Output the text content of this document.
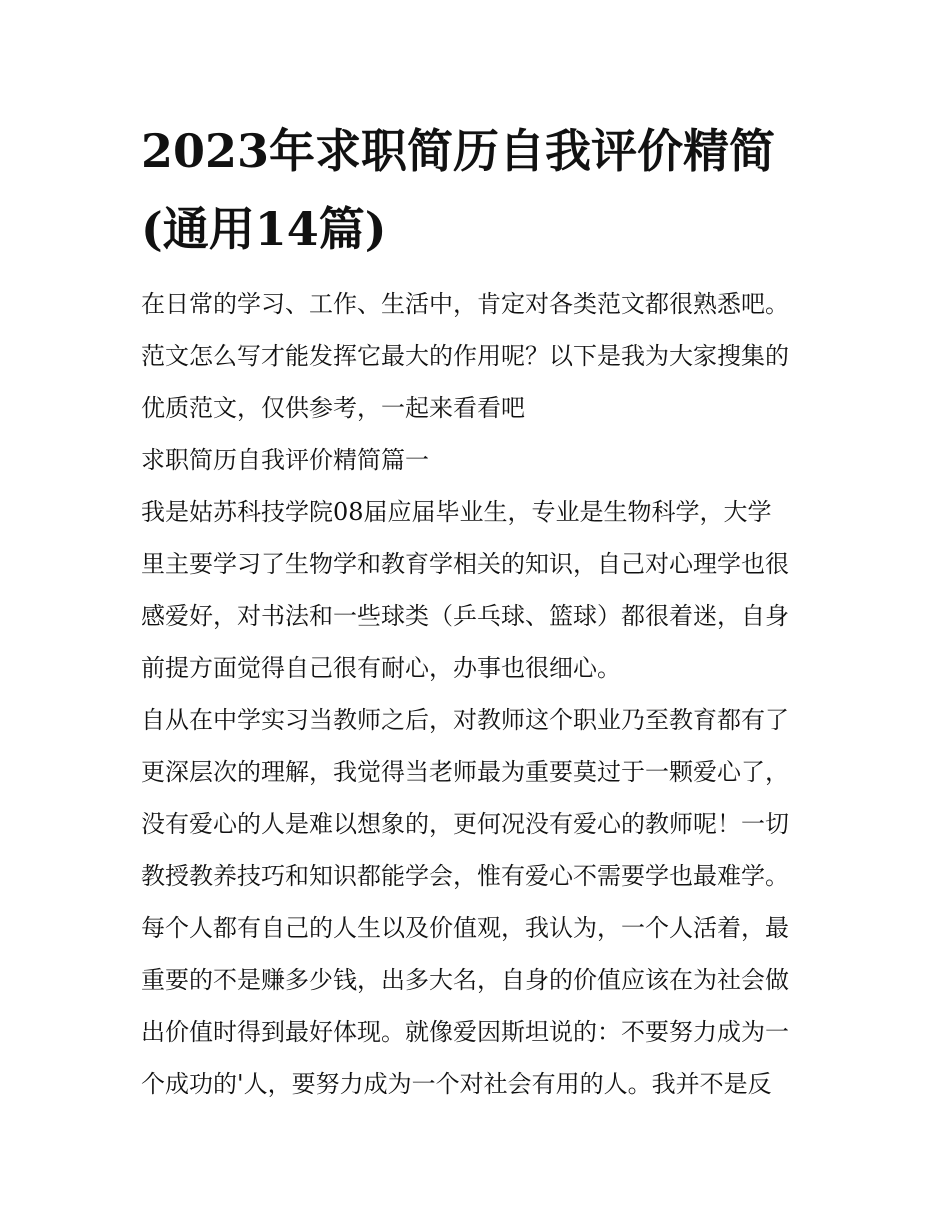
2023年求职简历自我评价精简
(通用14篇)
在日常的学习、工作、生活中，肯定对各类范文都很熟悉吧。
范文怎么写才能发挥它最大的作用呢？以下是我为大家搜集的
优质范文，仅供参考，一起来看看吧
求职简历自我评价精简篇一
我是姑苏科技学院08届应届毕业生，专业是生物科学，大学
里主要学习了生物学和教育学相关的知识，自己对心理学也很
感爱好，对书法和一些球类（乒乓球、篮球）都很着迷，自身
前提方面觉得自己很有耐心，办事也很细心。
自从在中学实习当教师之后，对教师这个职业乃至教育都有了
更深层次的理解，我觉得当老师最为重要莫过于一颗爱心了，
没有爱心的人是难以想象的，更何况没有爱心的教师呢！一切
教授教养技巧和知识都能学会，惟有爱心不需要学也最难学。
每个人都有自己的人生以及价值观，我认为，一个人活着，最
重要的不是赚多少钱，出多大名，自身的价值应该在为社会做
出价值时得到最好体现。就像爱因斯坦说的：不要努力成为一
个成功的'人，要努力成为一个对社会有用的人。我并不是反
